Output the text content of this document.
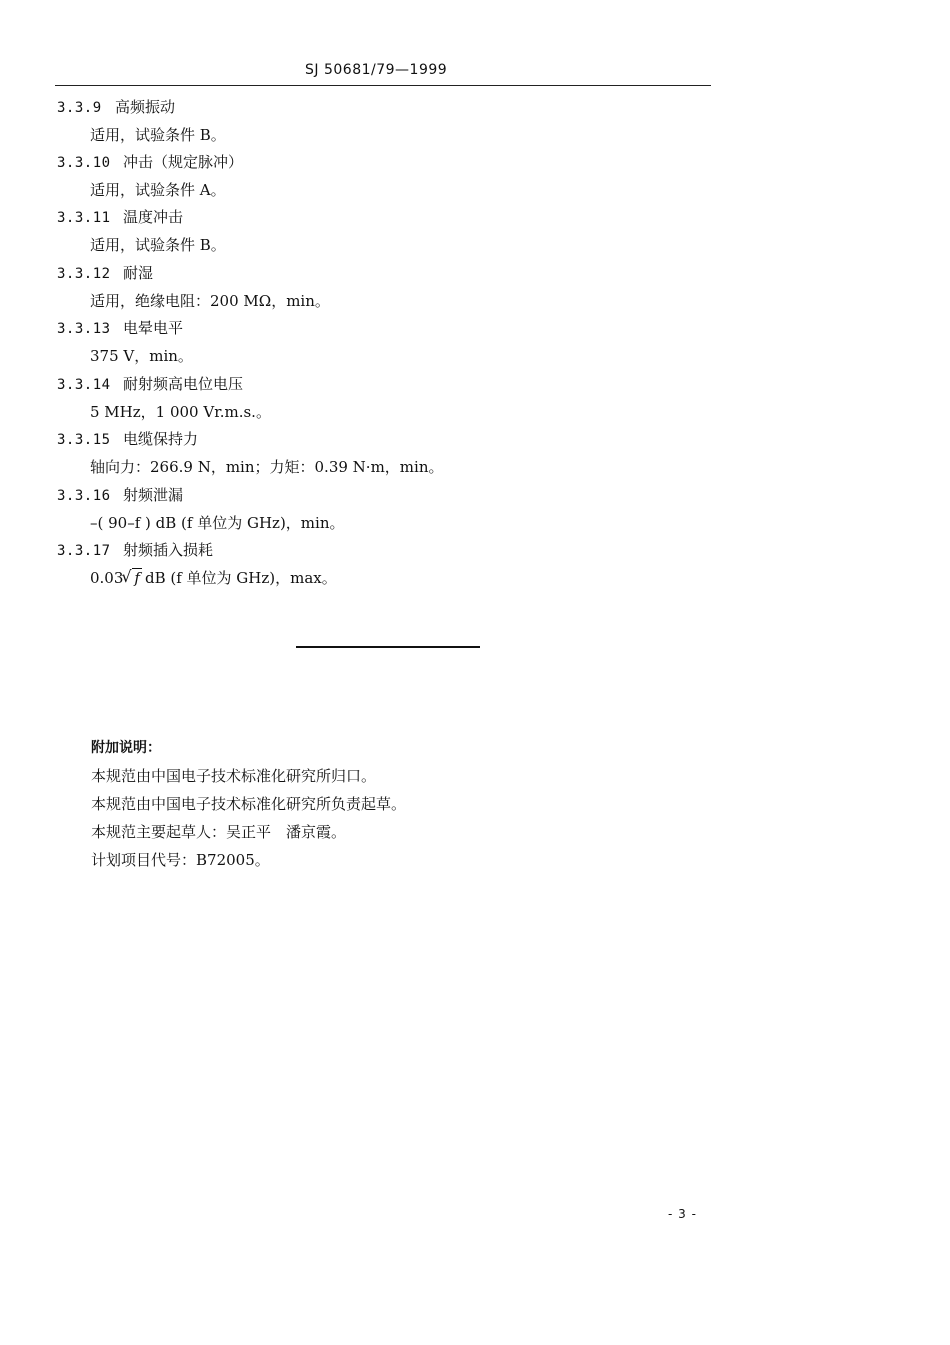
SJ 50681/79—1999
3.3.9 高频振动
适用，试验条件 B。
3.3.10 冲击（规定脉冲）
适用，试验条件 A。
3.3.11 温度冲击
适用，试验条件 B。
3.3.12 耐湿
适用，绝缘电阻：200 MΩ，min。
3.3.13 电晕电平
375 V，min。
3.3.14 耐射频高电位电压
5 MHz，1 000 Vr.m.s.。
3.3.15 电缆保持力
轴向力：266.9 N，min；力矩：0.39 N·m，min。
3.3.16 射频泄漏
–( 90–f ) dB (f 单位为 GHz)，min。
3.3.17 射频插入损耗
0.03√ f dB (f 单位为 GHz)，max。
附加说明：
本规范由中国电子技术标准化研究所归口。
本规范由中国电子技术标准化研究所负责起草。
本规范主要起草人：吴正平　潘京霞。
计划项目代号：B72005。
- 3 -
